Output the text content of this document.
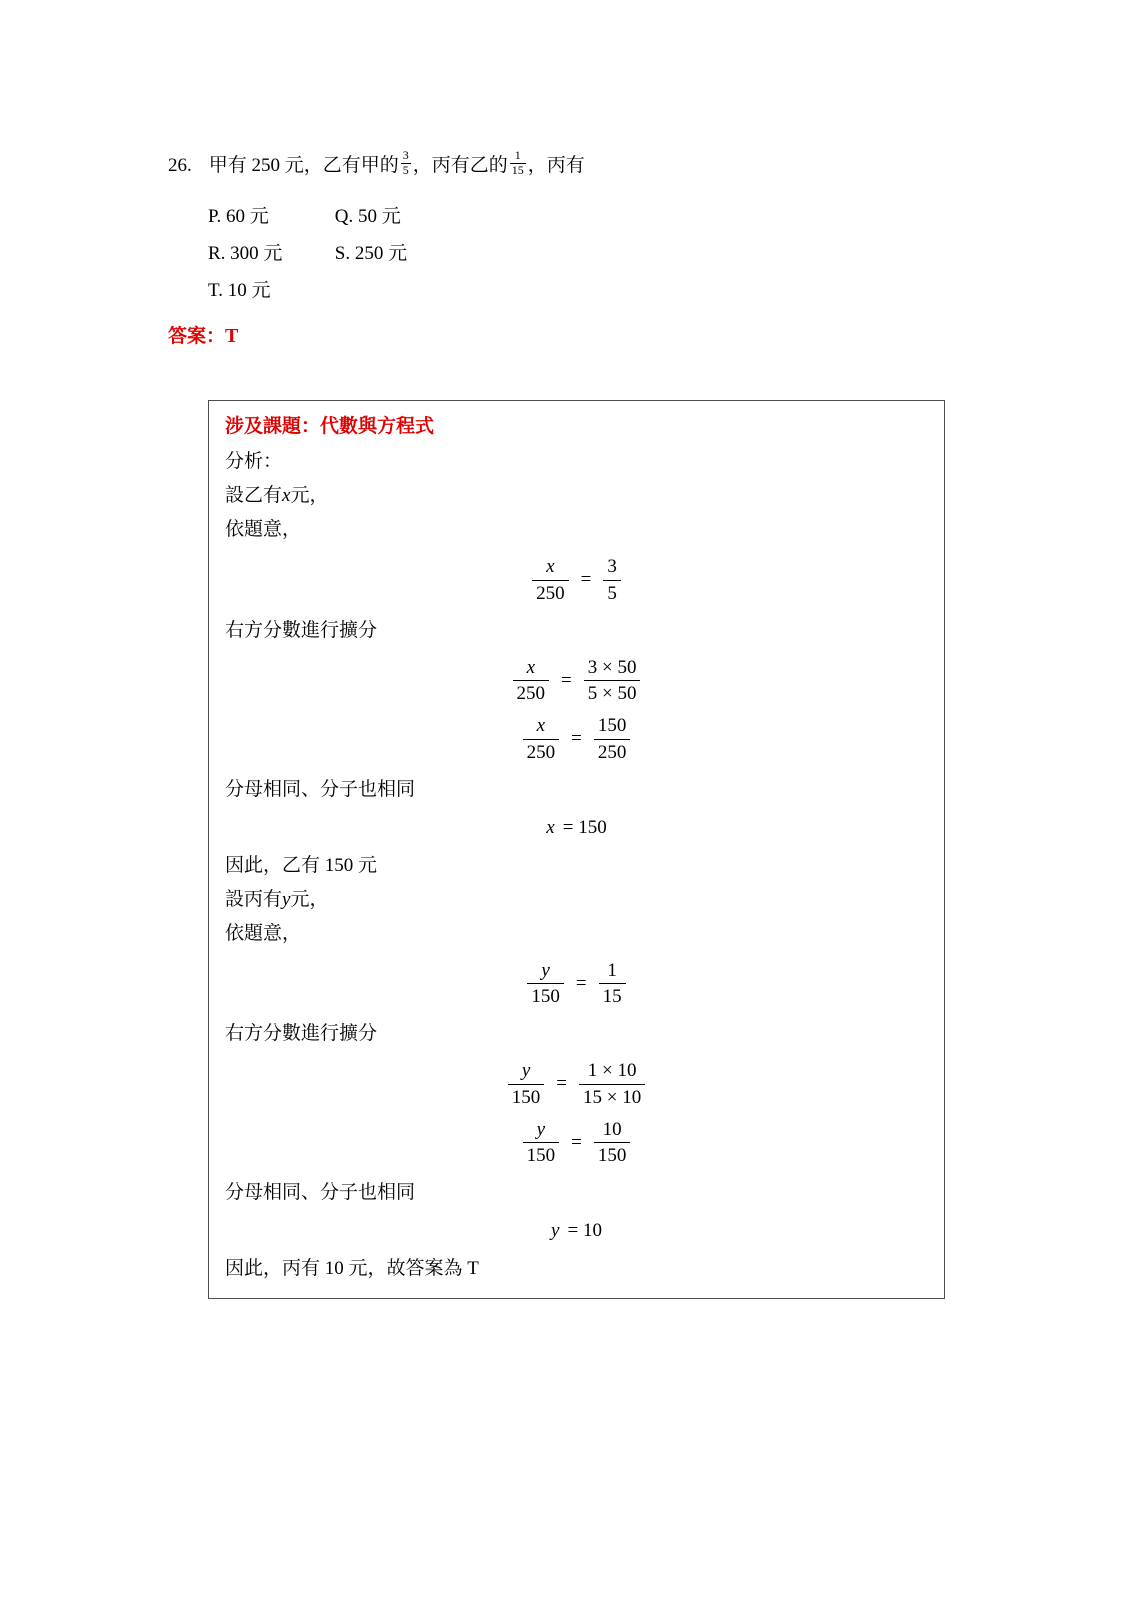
26. 甲有 250 元，乙有甲的 $\frac{3}{5}$ ，丙有乙的 $\frac{1}{15}$ ，丙有
P. 60 元	Q. 50 元
R. 300 元	S. 250 元
T. 10 元
答案：T
涉及課題：代數與方程式
分析：
設乙有x元，
依題意，
$\frac{x}{250} = \frac{3}{5}$
右方分數進行擴分
$\frac{x}{250} = \frac{3 \times 50}{5 \times 50}$
$\frac{x}{250} = \frac{150}{250}$
分母相同、分子也相同
x = 150
因此，乙有 150 元
設丙有y元，
依題意，
$\frac{y}{150} = \frac{1}{15}$
右方分數進行擴分
$\frac{y}{150} = \frac{1 \times 10}{15 \times 10}$
$\frac{y}{150} = \frac{10}{150}$
分母相同、分子也相同
y = 10
因此，丙有 10 元，故答案為 T
